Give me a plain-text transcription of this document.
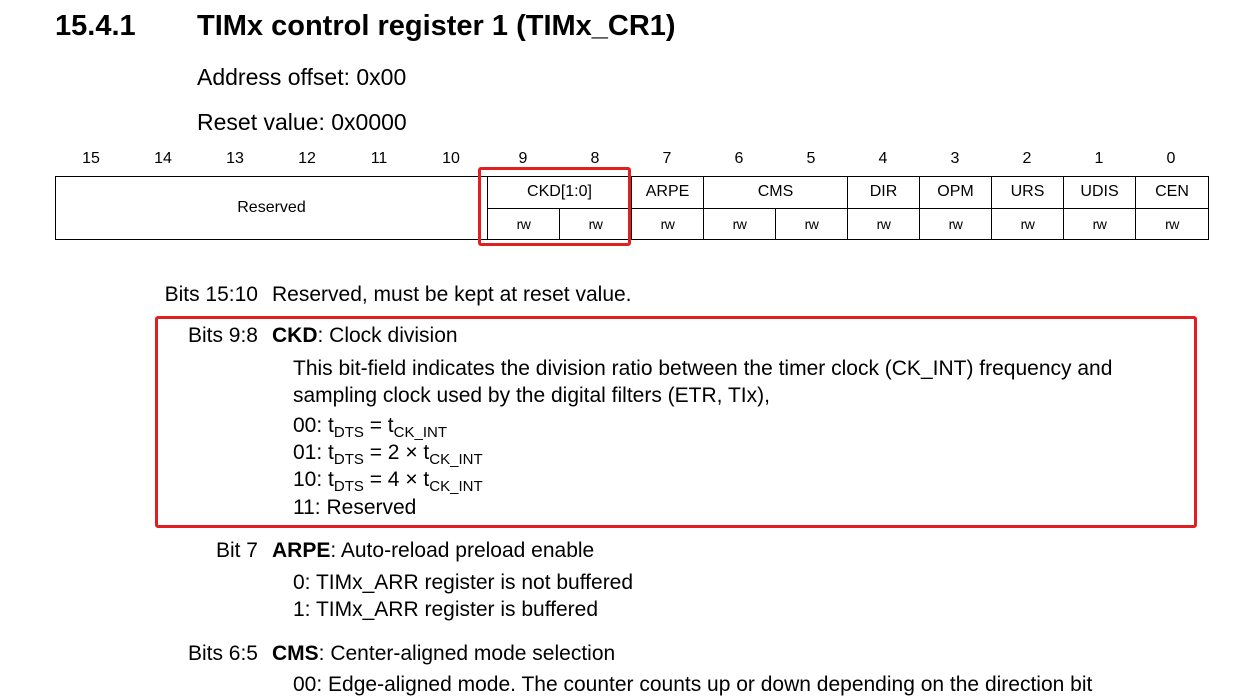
15.4.1 TIMx control register 1 (TIMx_CR1)
Address offset: 0x00
Reset value: 0x0000
15	14	13	12	11	10	9	8	7	6	5	4	3	2	1	0
Reserved	CKD[1:0]		ARPE	CMS		DIR	OPM	URS	UDIS	CEN
	rw	rw	rw	rw	rw	rw	rw	rw	rw	rw
Bits 15:10 Reserved, must be kept at reset value.
Bits 9:8 CKD: Clock division
This bit-field indicates the division ratio between the timer clock (CK_INT) frequency and
sampling clock used by the digital filters (ETR, TIx),
00: $t_{DTS} = t_{CK\_INT}$
01: $t_{DTS} = 2 \times t_{CK\_INT}$
10: $t_{DTS} = 4 \times t_{CK\_INT}$
11: Reserved
Bit 7 ARPE: Auto-reload preload enable
0: TIMx_ARR register is not buffered
1: TIMx_ARR register is buffered
Bits 6:5 CMS: Center-aligned mode selection
00: Edge-aligned mode. The counter counts up or down depending on the direction bit
